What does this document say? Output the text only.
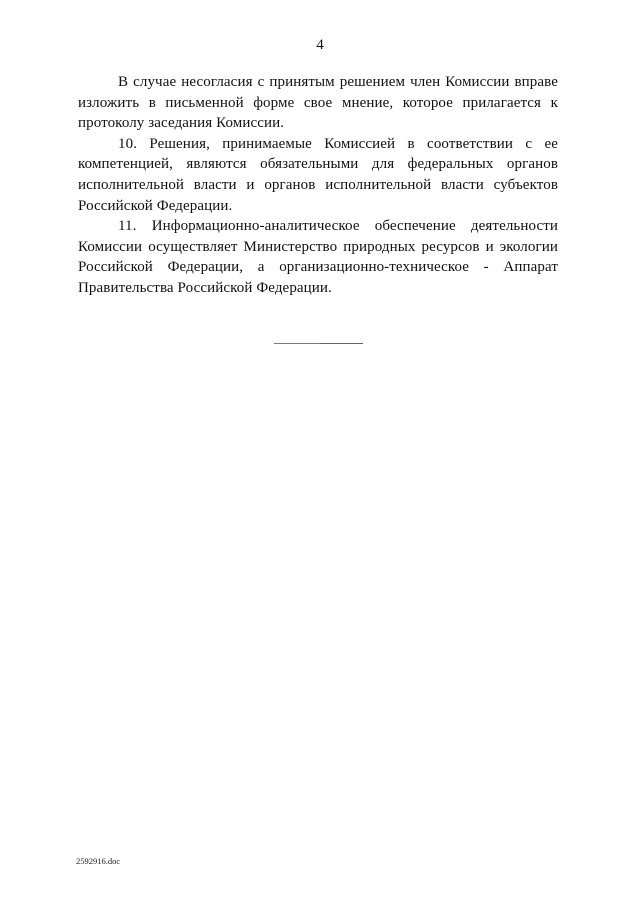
4

В случае несогласия с принятым решением член Комиссии вправе изложить в письменной форме свое мнение, которое прилагается к протоколу заседания Комиссии.

10. Решения, принимаемые Комиссией в соответствии с ее компетенцией, являются обязательными для федеральных органов исполнительной власти и органов исполнительной власти субъектов Российской Федерации.

11. Информационно-аналитическое обеспечение деятельности Комиссии осуществляет Министерство природных ресурсов и экологии Российской Федерации, а организационно-техническое - Аппарат Правительства Российской Федерации.

2592916.doc
